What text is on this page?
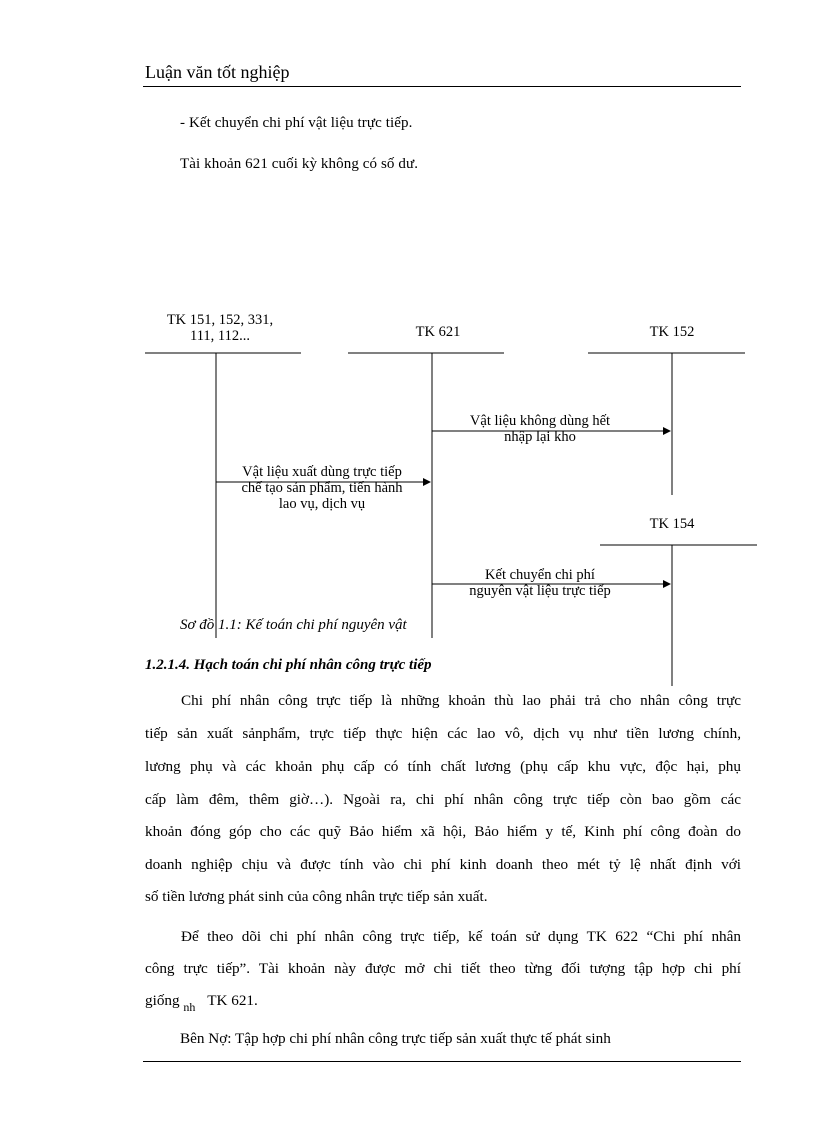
Luận văn tốt nghiệp
- Kết chuyển chi phí vật liệu trực tiếp.
Tài khoản 621 cuối kỳ không có số dư.
TK 151, 152, 331,
111, 112...	TK 621	TK 152
TK 154
Vật liệu không dùng hết
nhập lại kho
Vật liệu xuất dùng trực tiếp
chế tạo sản phẩm, tiến hành
lao vụ, dịch vụ
Kết chuyển chi phí
nguyên vật liệu trực tiếp
Sơ đồ 1.1: Kế toán chi phí nguyên vật
1.2.1.4. Hạch toán chi phí nhân công trực tiếp
Chi phí nhân công trực tiếp là những khoản thù lao phải trả cho nhân công trực
tiếp sản xuất sảnphẩm, trực tiếp thực hiện các lao vô, dịch vụ như tiền lương chính,
lương phụ và các khoản phụ cấp có tính chất lương (phụ cấp khu vực, độc hại, phụ
cấp làm đêm, thêm giờ…). Ngoài ra, chi phí nhân công trực tiếp còn bao gồm các
khoản đóng góp cho các quỹ Bảo hiểm xã hội, Bảo hiểm y tế, Kinh phí công đoàn do
doanh nghiệp chịu và được tính vào chi phí kinh doanh theo mét tỷ lệ nhất định với
số tiền lương phát sinh của công nhân trực tiếp sản xuất.
Để theo dõi chi phí nhân công trực tiếp, kế toán sử dụng TK 622 “Chi phí nhân
công trực tiếp”. Tài khoản này được mở chi tiết theo từng đối tượng tập hợp chi phí
giống $_{nh}$ TK 621.
Bên Nợ: Tập hợp chi phí nhân công trực tiếp sản xuất thực tế phát sinh
